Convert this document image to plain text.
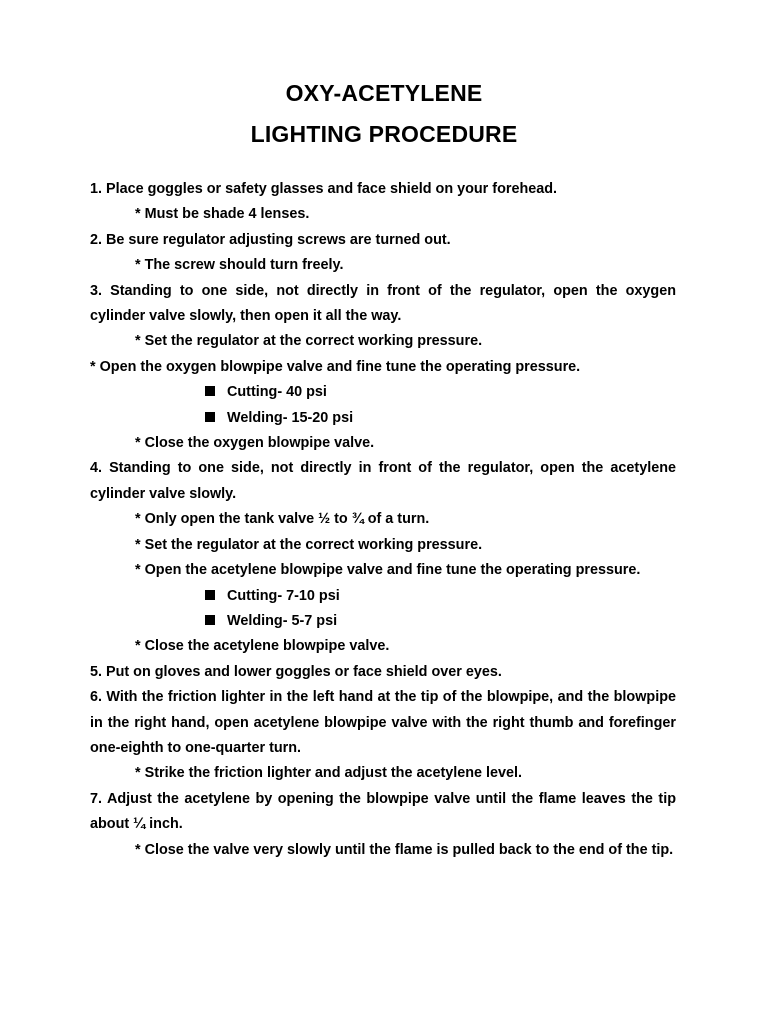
OXY-ACETYLENE
LIGHTING PROCEDURE

1. Place goggles or safety glasses and face shield on your forehead.

* Must be shade 4 lenses.

2. Be sure regulator adjusting screws are turned out.

* The screw should turn freely.

3. Standing to one side, not directly in front of the regulator, open the oxygen cylinder valve slowly, then open it all the way.

* Set the regulator at the correct working pressure.

* Open the oxygen blowpipe valve and fine tune the operating pressure.

Cutting- 40 psi

Welding- 15-20 psi

* Close the oxygen blowpipe valve.

4. Standing to one side, not directly in front of the regulator, open the acetylene cylinder valve slowly.

* Only open the tank valve ½ to ¾ of a turn.

* Set the regulator at the correct working pressure.

* Open the acetylene blowpipe valve and fine tune the operating pressure.

Cutting- 7-10 psi

Welding- 5-7 psi

* Close the acetylene blowpipe valve.

5. Put on gloves and lower goggles or face shield over eyes.

6. With the friction lighter in the left hand at the tip of the blowpipe, and the blowpipe in the right hand, open acetylene blowpipe valve with the right thumb and forefinger one-eighth to one-quarter turn.

* Strike the friction lighter and adjust the acetylene level.

7. Adjust the acetylene by opening the blowpipe valve until the flame leaves the tip about ¼ inch.

* Close the valve very slowly until the flame is pulled back to the end of the tip.
